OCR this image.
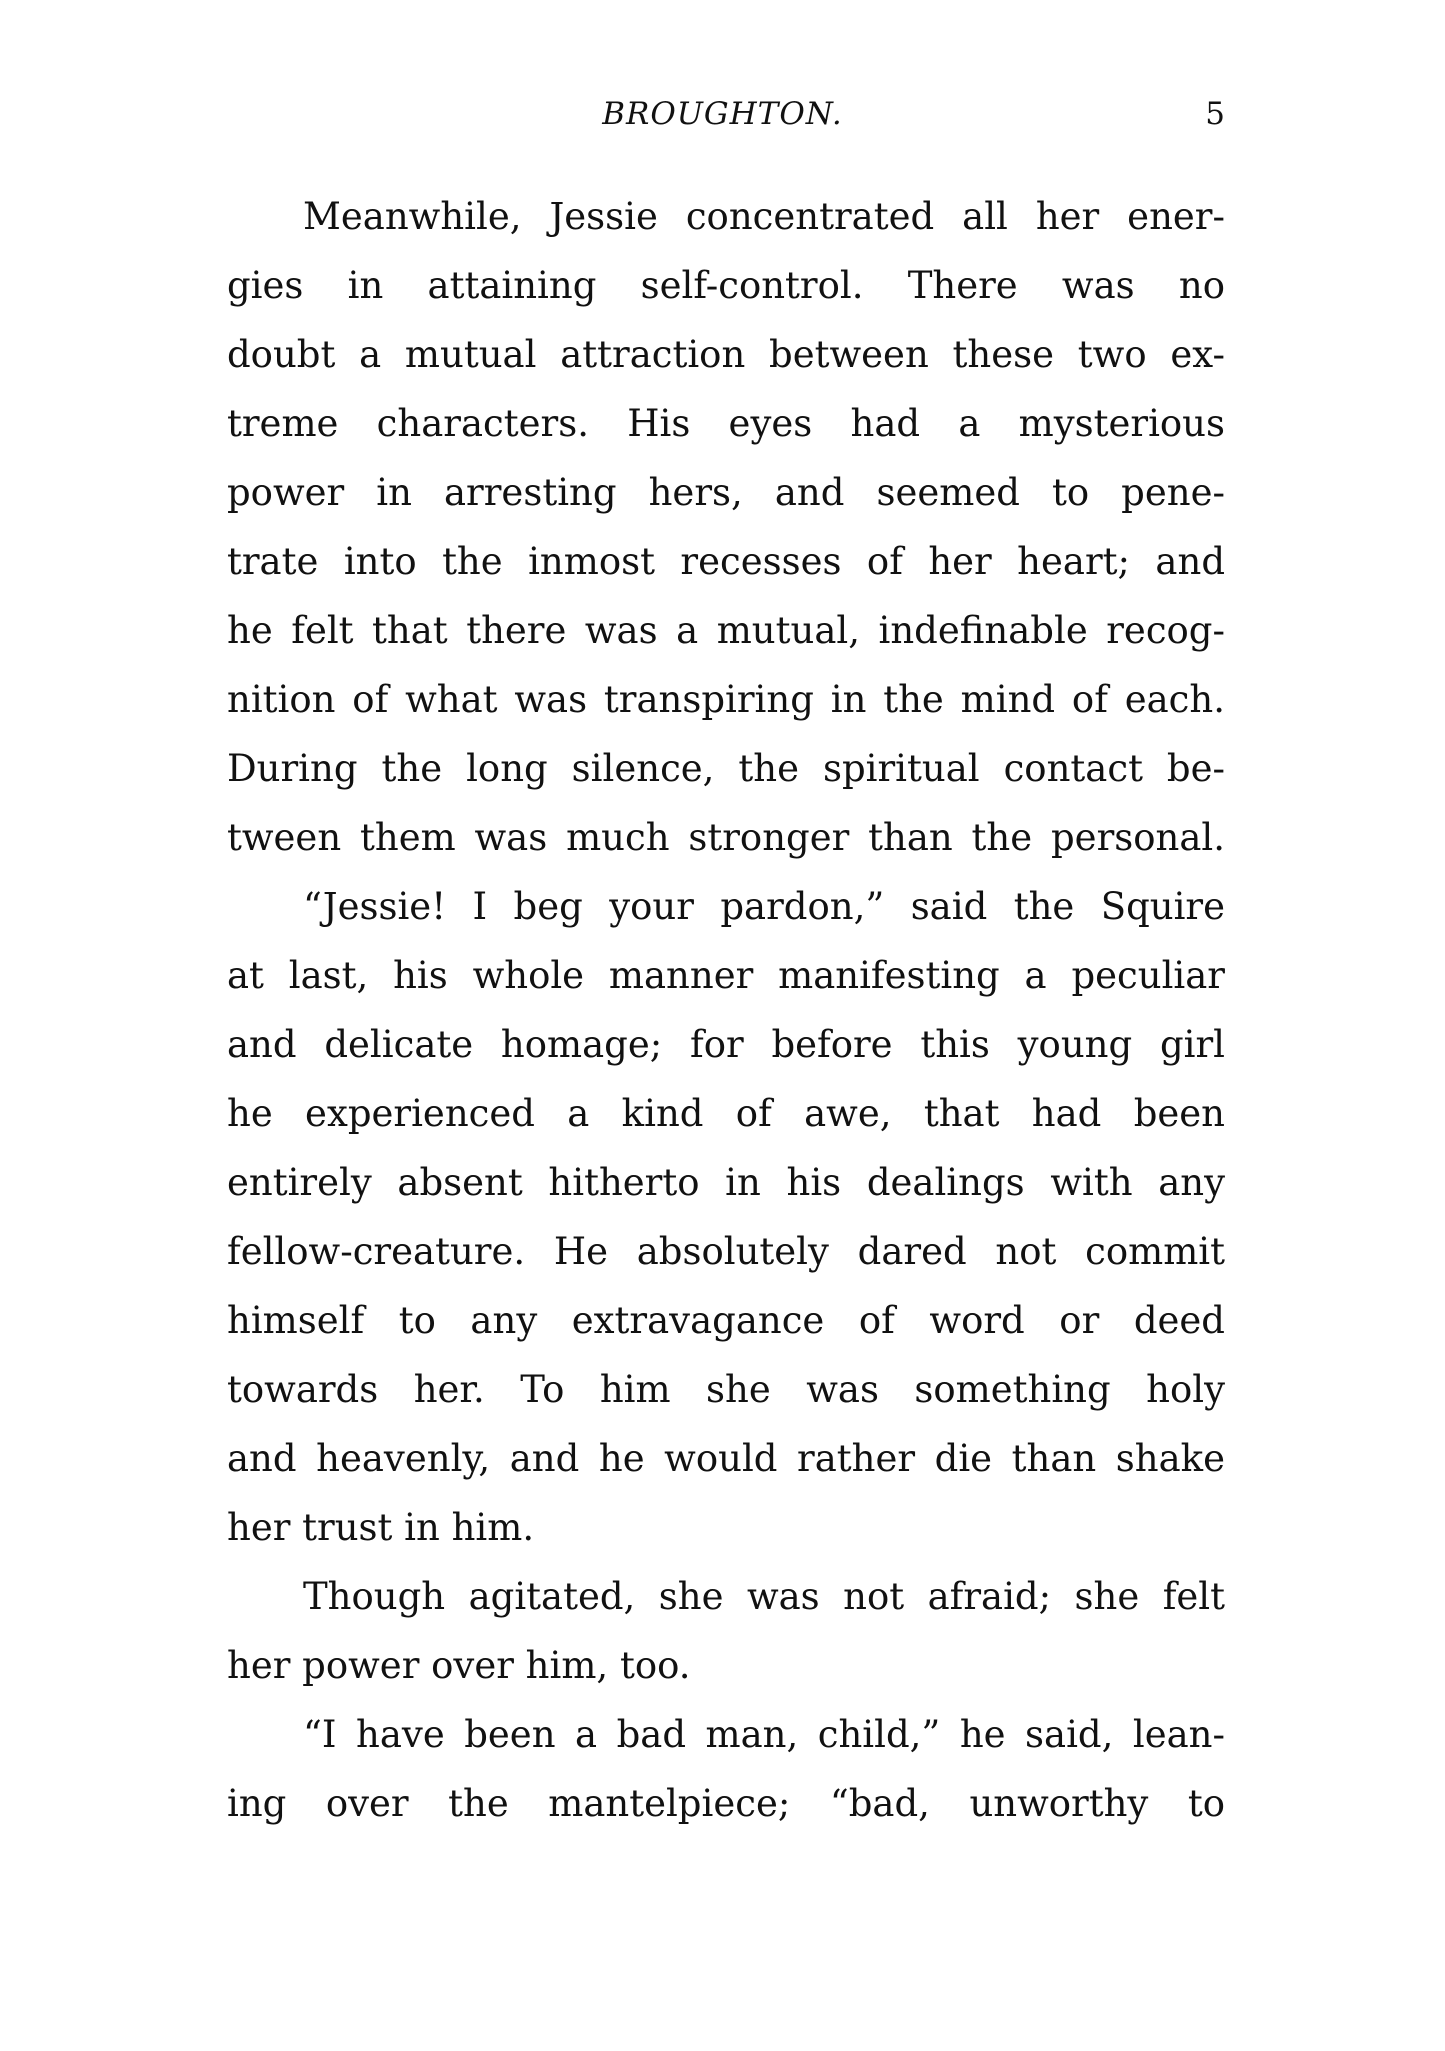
BROUGHTON.	5
Meanwhile, Jessie concentrated all her ener-
gies in attaining self-control. There was no
doubt a mutual attraction between these two ex-
treme characters. His eyes had a mysterious
power in arresting hers, and seemed to pene-
trate into the inmost recesses of her heart; and
he felt that there was a mutual, indefinable recog-
nition of what was transpiring in the mind of each.
During the long silence, the spiritual contact be-
tween them was much stronger than the personal.
“Jessie! I beg your pardon,” said the Squire
at last, his whole manner manifesting a peculiar
and delicate homage; for before this young girl
he experienced a kind of awe, that had been
entirely absent hitherto in his dealings with any
fellow-creature. He absolutely dared not commit
himself to any extravagance of word or deed
towards her. To him she was something holy
and heavenly, and he would rather die than shake
her trust in him.
Though agitated, she was not afraid; she felt
her power over him, too.
“I have been a bad man, child,” he said, lean-
ing over the mantelpiece; “bad, unworthy to
